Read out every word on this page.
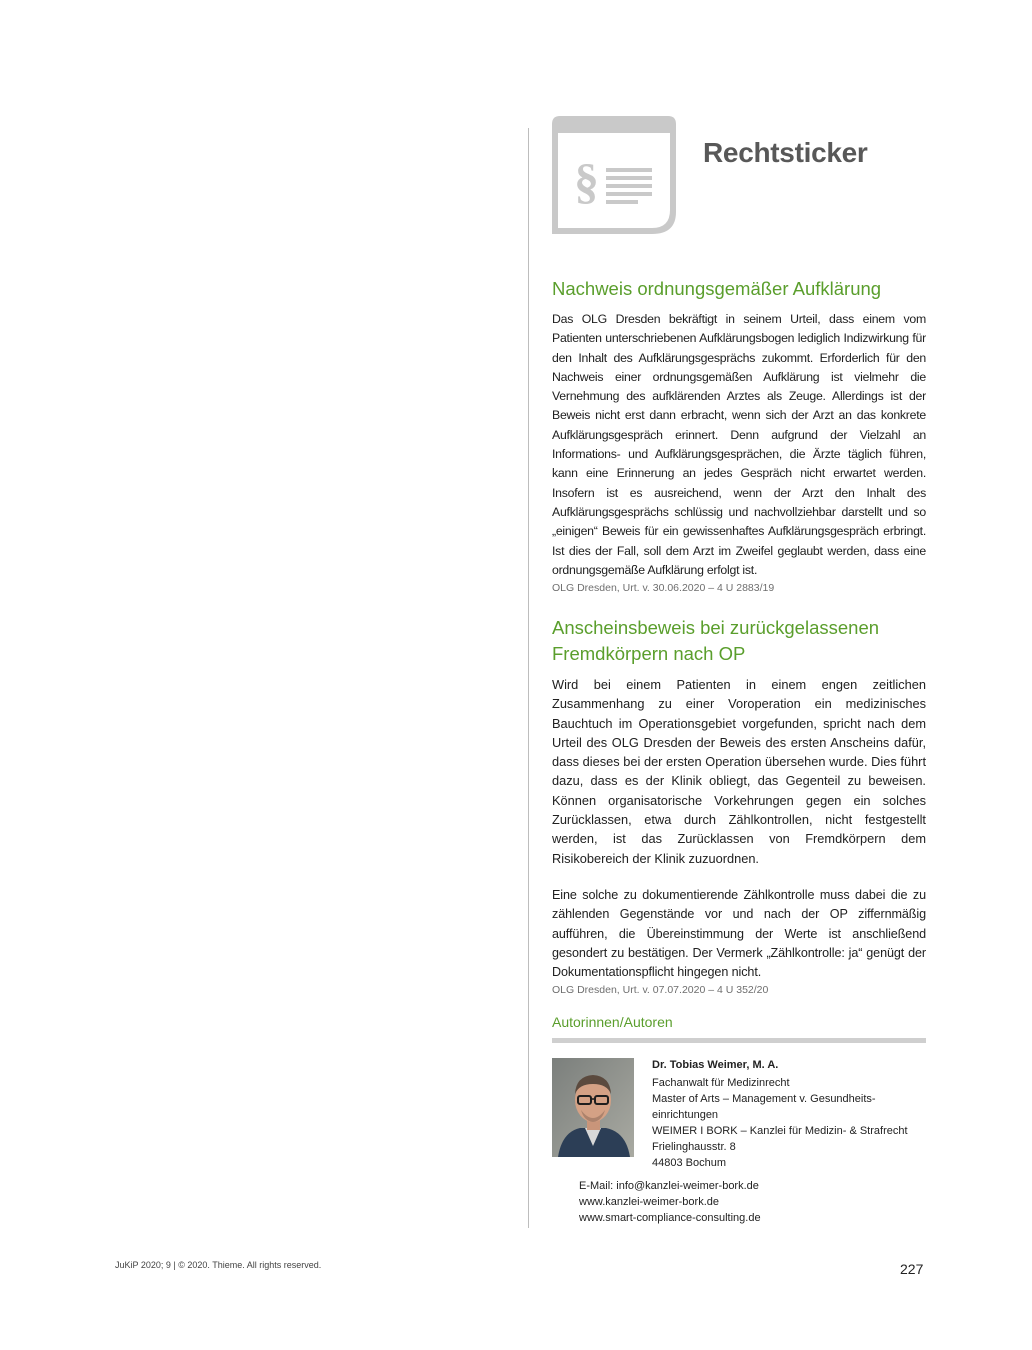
§
Rechtsticker
Nachweis ordnungsgemäßer Aufklärung

Das OLG Dresden bekräftigt in seinem Urteil, dass einem vom Patienten unterschriebenen Aufklärungsbogen lediglich Indizwirkung für den Inhalt des Aufklärungsgesprächs zukommt. Erforderlich für den Nachweis einer ordnungsgemäßen Aufklärung ist vielmehr die Vernehmung des aufklärenden Arztes als Zeuge. Allerdings ist der Beweis nicht erst dann erbracht, wenn sich der Arzt an das konkrete Aufklärungsgespräch erinnert. Denn aufgrund der Vielzahl an Informations- und Aufklärungsgesprächen, die Ärzte täglich führen, kann eine Erinnerung an jedes Gespräch nicht erwartet werden. Insofern ist es ausreichend, wenn der Arzt den Inhalt des Aufklärungsgesprächs schlüssig und nachvollziehbar darstellt und so „einigen“ Beweis für ein gewissenhaftes Aufklärungsgespräch erbringt. Ist dies der Fall, soll dem Arzt im Zweifel geglaubt werden, dass eine ordnungsgemäße Aufklärung erfolgt ist.

OLG Dresden, Urt. v. 30.06.2020 – 4 U 2883/19
Anscheinsbeweis bei zurückgelassenen Fremdkörpern nach OP

Wird bei einem Patienten in einem engen zeitlichen Zusammenhang zu einer Voroperation ein medizinisches Bauchtuch im Operationsgebiet vorgefunden, spricht nach dem Urteil des OLG Dresden der Beweis des ersten Anscheins dafür, dass dieses bei der ersten Operation übersehen wurde. Dies führt dazu, dass es der Klinik obliegt, das Gegenteil zu beweisen. Können organisatorische Vorkehrungen gegen ein solches Zurücklassen, etwa durch Zählkontrollen, nicht festgestellt werden, ist das Zurücklassen von Fremdkörpern dem Risikobereich der Klinik zuzuordnen.

Eine solche zu dokumentierende Zählkontrolle muss dabei die zu zählenden Gegenstände vor und nach der OP ziffernmäßig aufführen, die Übereinstimmung der Werte ist anschließend gesondert zu bestätigen. Der Vermerk „Zählkontrolle: ja“ genügt der Dokumentationspflicht hingegen nicht.

OLG Dresden, Urt. v. 07.07.2020 – 4 U 352/20
Autorinnen/Autoren
Dr. Tobias Weimer, M. A.
Fachanwalt für Medizinrecht
Master of Arts – Management v. Gesundheits-
einrichtungen
WEIMER I BORK – Kanzlei für Medizin- & Strafrecht
Frielinghausstr. 8
44803 Bochum
E-Mail: info@kanzlei-weimer-bork.de
www.kanzlei-weimer-bork.de
www.smart-compliance-consulting.de
JuKiP 2020; 9 | © 2020. Thieme. All rights reserved.	227
